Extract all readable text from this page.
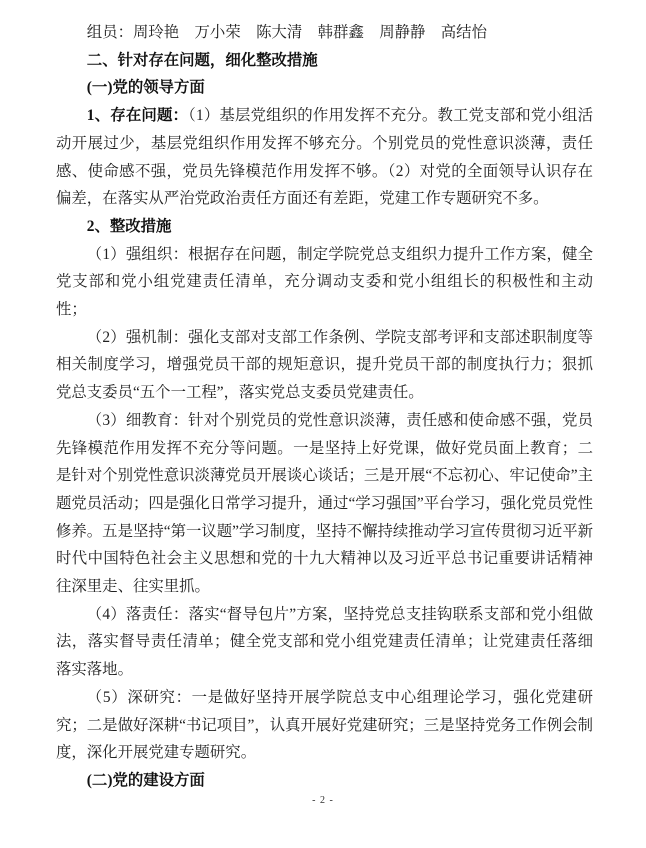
组员：周玲艳　万小荣　陈大清　韩群鑫　周静静　高结怡

二、针对存在问题，细化整改措施

(一)党的领导方面

1、存在问题：（1）基层党组织的作用发挥不充分。教工党支部和党小组活动开展过少，基层党组织作用发挥不够充分。个别党员的党性意识淡薄，责任感、使命感不强，党员先锋模范作用发挥不够。（2）对党的全面领导认识存在偏差，在落实从严治党政治责任方面还有差距，党建工作专题研究不多。

2、整改措施

（1）强组织：根据存在问题，制定学院党总支组织力提升工作方案，健全党支部和党小组党建责任清单，充分调动支委和党小组组长的积极性和主动性；

（2）强机制：强化支部对支部工作条例、学院支部考评和支部述职制度等相关制度学习，增强党员干部的规矩意识，提升党员干部的制度执行力；狠抓党总支委员“五个一工程”，落实党总支委员党建责任。

（3）细教育：针对个别党员的党性意识淡薄，责任感和使命感不强，党员先锋模范作用发挥不充分等问题。一是坚持上好党课，做好党员面上教育；二是针对个别党性意识淡薄党员开展谈心谈话；三是开展“不忘初心、牢记使命”主题党员活动；四是强化日常学习提升，通过“学习强国”平台学习，强化党员党性修养。五是坚持“第一议题”学习制度，坚持不懈持续推动学习宣传贯彻习近平新时代中国特色社会主义思想和党的十九大精神以及习近平总书记重要讲话精神往深里走、往实里抓。

（4）落责任：落实“督导包片”方案，坚持党总支挂钩联系支部和党小组做法，落实督导责任清单；健全党支部和党小组党建责任清单；让党建责任落细落实落地。

（5）深研究：一是做好坚持开展学院总支中心组理论学习，强化党建研究；二是做好深耕“书记项目”，认真开展好党建研究；三是坚持党务工作例会制度，深化开展党建专题研究。

(二)党的建设方面

- 2 -
